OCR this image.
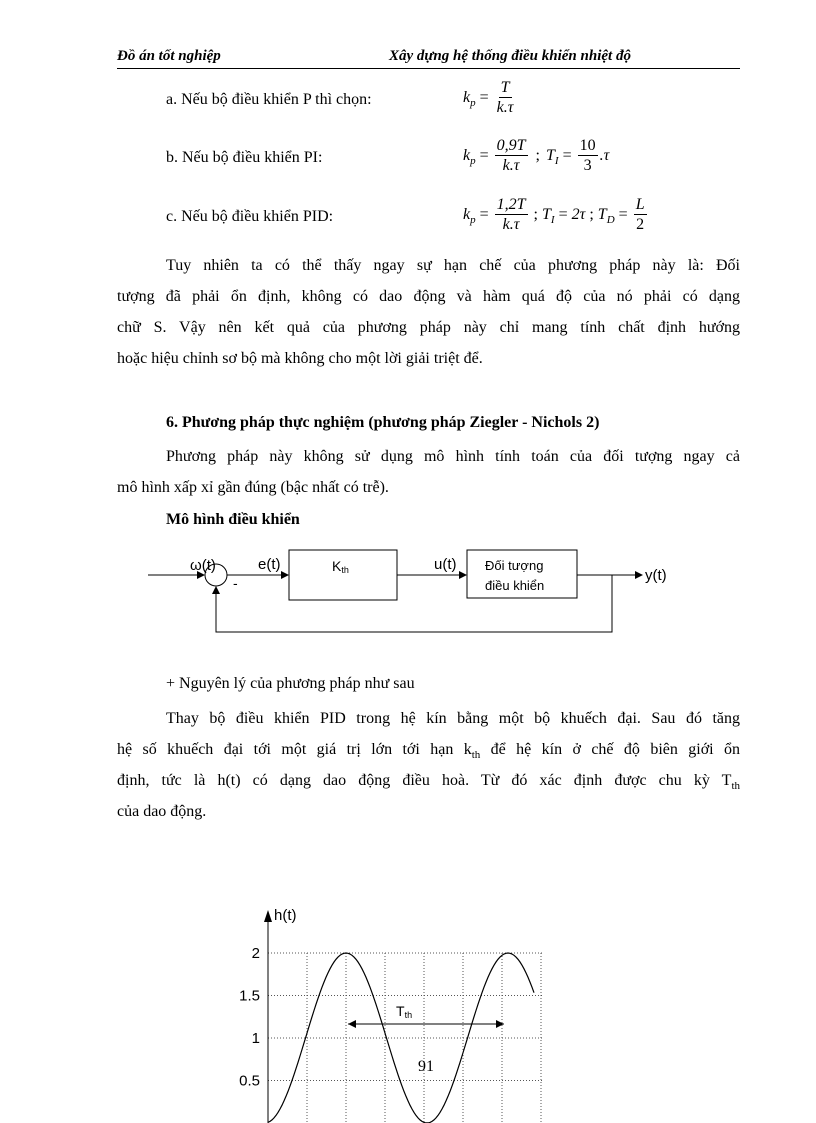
Đồ án tốt nghiệp	Xây dựng hệ thống điều khiển nhiệt độ
a. Nếu bộ điều khiển P thì chọn:	k $p = \frac{T}{k.\tau}$
b. Nếu bộ điều khiển PI:	k $p = \frac{0,9T}{k.\tau}$ ; T $I = \frac{10}{3} .\tau$
c. Nếu bộ điều khiển PID:	k $p = \frac{1,2T}{k.\tau}$ ; T I = 2τ ; T $D = \frac{L}{2}$
Tuy nhiên ta có thể thấy ngay sự hạn chế của phương pháp này là: Đối
tượng đã phải ổn định, không có dao động và hàm quá độ của nó phải có dạng
chữ S. Vậy nên kết quả của phương pháp này chỉ mang tính chất định hướng
hoặc hiệu chỉnh sơ bộ mà không cho một lời giải triệt để.
6. Phương pháp thực nghiệm (phương pháp Ziegler - Nichols 2)
Phương pháp này không sử dụng mô hình tính toán của đối tượng ngay cả
mô hình xấp xỉ gần đúng (bậc nhất có trễ).
Mô hình điều khiển
ω(t)
-
e(t)	Kth	u(t) Đối tượng
điều khiển
y(t)
+ Nguyên lý của phương pháp như sau
Thay bộ điều khiển PID trong hệ kín bằng một bộ khuếch đại. Sau đó tăng
hệ số khuếch đại tới một giá trị lớn tới hạn $k_{th}$ để hệ kín ở chế độ biên giới ổn
định, tức là h(t) có dạng dao động điều hoà. Từ đó xác định được chu kỳ $T_{th}$
của dao động.
h(t)
2
1.5
1
0.5
Tth
91
